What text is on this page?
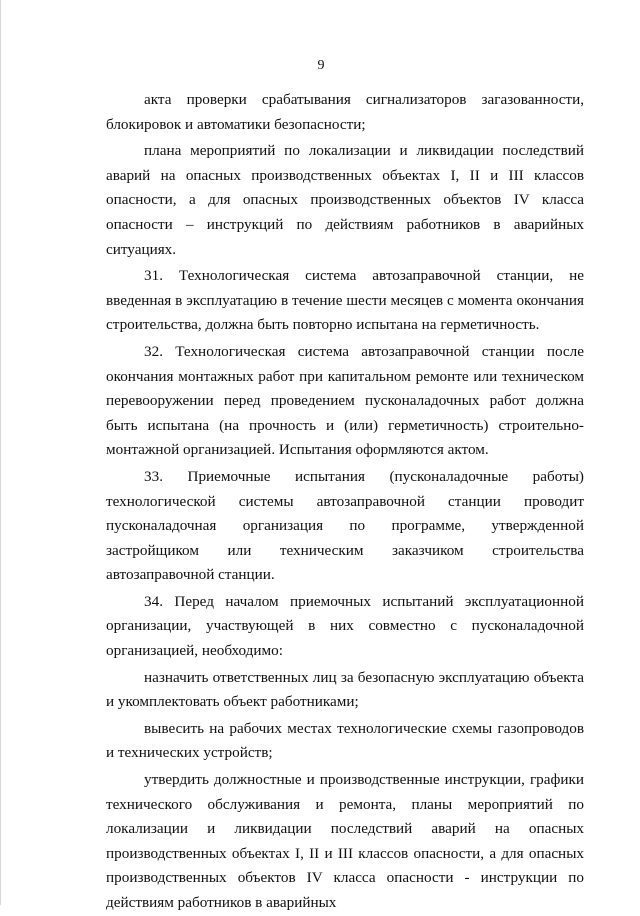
9

акта проверки срабатывания сигнализаторов загазованности, блокировок и автоматики безопасности;

плана мероприятий по локализации и ликвидации последствий аварий на опасных производственных объектах I, II и III классов опасности, а для опасных производственных объектов IV класса опасности – инструкций по действиям работников в аварийных ситуациях.

31. Технологическая система автозаправочной станции, не введенная в эксплуатацию в течение шести месяцев с момента окончания строительства, должна быть повторно испытана на герметичность.

32. Технологическая система автозаправочной станции после окончания монтажных работ при капитальном ремонте или техническом перевооружении перед проведением пусконаладочных работ должна быть испытана (на прочность и (или) герметичность) строительно-монтажной организацией. Испытания оформляются актом.

33. Приемочные испытания (пусконаладочные работы) технологической системы автозаправочной станции проводит пусконаладочная организация по программе, утвержденной застройщиком или техническим заказчиком строительства автозаправочной станции.

34. Перед началом приемочных испытаний эксплуатационной организации, участвующей в них совместно с пусконаладочной организацией, необходимо:

назначить ответственных лиц за безопасную эксплуатацию объекта и укомплектовать объект работниками;

вывесить на рабочих местах технологические схемы газопроводов и технических устройств;

утвердить должностные и производственные инструкции, графики технического обслуживания и ремонта, планы мероприятий по локализации и ликвидации последствий аварий на опасных производственных объектах I, II и III классов опасности, а для опасных производственных объектов IV класса опасности - инструкции по действиям работников в аварийных
